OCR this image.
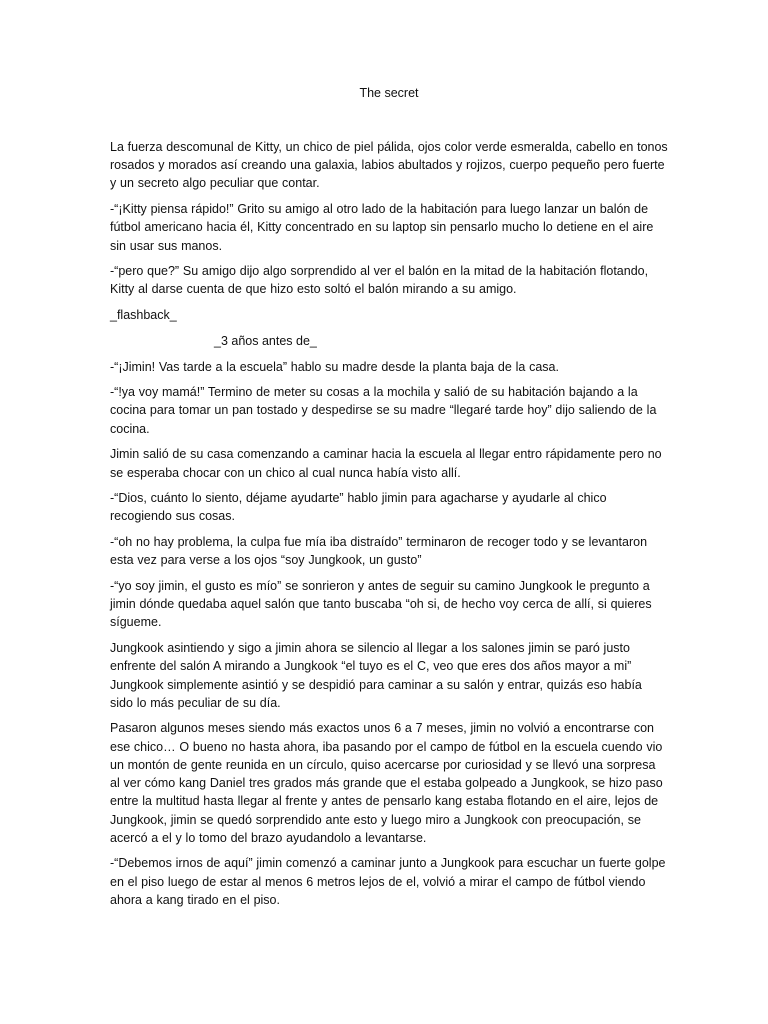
The secret

La fuerza descomunal de Kitty, un chico de piel pálida, ojos color verde esmeralda, cabello en tonos rosados y morados así creando una galaxia, labios abultados y rojizos, cuerpo pequeño pero fuerte y un secreto algo peculiar que contar.

-“¡Kitty piensa rápido!” Grito su amigo al otro lado de la habitación para luego lanzar un balón de fútbol americano hacia él, Kitty concentrado en su laptop sin pensarlo mucho lo detiene en el aire sin usar sus manos.

-“pero que?” Su amigo dijo algo sorprendido al ver el balón en la mitad de la habitación flotando, Kitty al darse cuenta de que hizo esto soltó el balón mirando a su amigo.

_flashback_

_3 años antes de_

-“¡Jimin! Vas tarde a la escuela” hablo su madre desde la planta baja de la casa.

-“!ya voy mamá!” Termino de meter su cosas a la mochila y salió de su habitación bajando a la cocina para tomar un pan tostado y despedirse se su madre “llegaré tarde hoy” dijo saliendo de la cocina.

Jimin salió de su casa comenzando a caminar hacia la escuela al llegar entro rápidamente pero no se esperaba chocar con un chico al cual nunca había visto allí.

-“Dios, cuánto lo siento, déjame ayudarte” hablo jimin para agacharse y ayudarle al chico recogiendo sus cosas.

-“oh no hay problema, la culpa fue mía iba distraído” terminaron de recoger todo y se levantaron esta vez para verse a los ojos “soy Jungkook, un gusto”

-“yo soy jimin, el gusto es mío” se sonrieron y antes de seguir su camino Jungkook le pregunto a jimin dónde quedaba aquel salón que tanto buscaba “oh si, de hecho voy cerca de allí, si quieres sígueme.

Jungkook asintiendo y sigo a jimin ahora se silencio al llegar a los salones jimin se paró justo enfrente del salón A mirando a Jungkook “el tuyo es el C, veo que eres dos años mayor a mi” Jungkook simplemente asintió y se despidió para caminar a su salón y entrar, quizás eso había sido lo más peculiar de su día.

Pasaron algunos meses siendo más exactos unos 6 a 7 meses, jimin no volvió a encontrarse con ese chico… O bueno no hasta ahora, iba pasando por el campo de fútbol en la escuela cuendo vio un montón de gente reunida en un círculo, quiso acercarse por curiosidad y se llevó una sorpresa al ver cómo kang Daniel tres grados más grande que el estaba golpeado a Jungkook, se hizo paso entre la multitud hasta llegar al frente y antes de pensarlo kang estaba flotando en el aire, lejos de Jungkook, jimin se quedó sorprendido ante esto y luego miro a Jungkook con preocupación, se acercó a el y lo tomo del brazo ayudandolo a levantarse.

-“Debemos irnos de aquí” jimin comenzó a caminar junto a Jungkook para escuchar un fuerte golpe en el piso luego de estar al menos 6 metros lejos de el, volvió a mirar el campo de fútbol viendo ahora a kang tirado en el piso.
